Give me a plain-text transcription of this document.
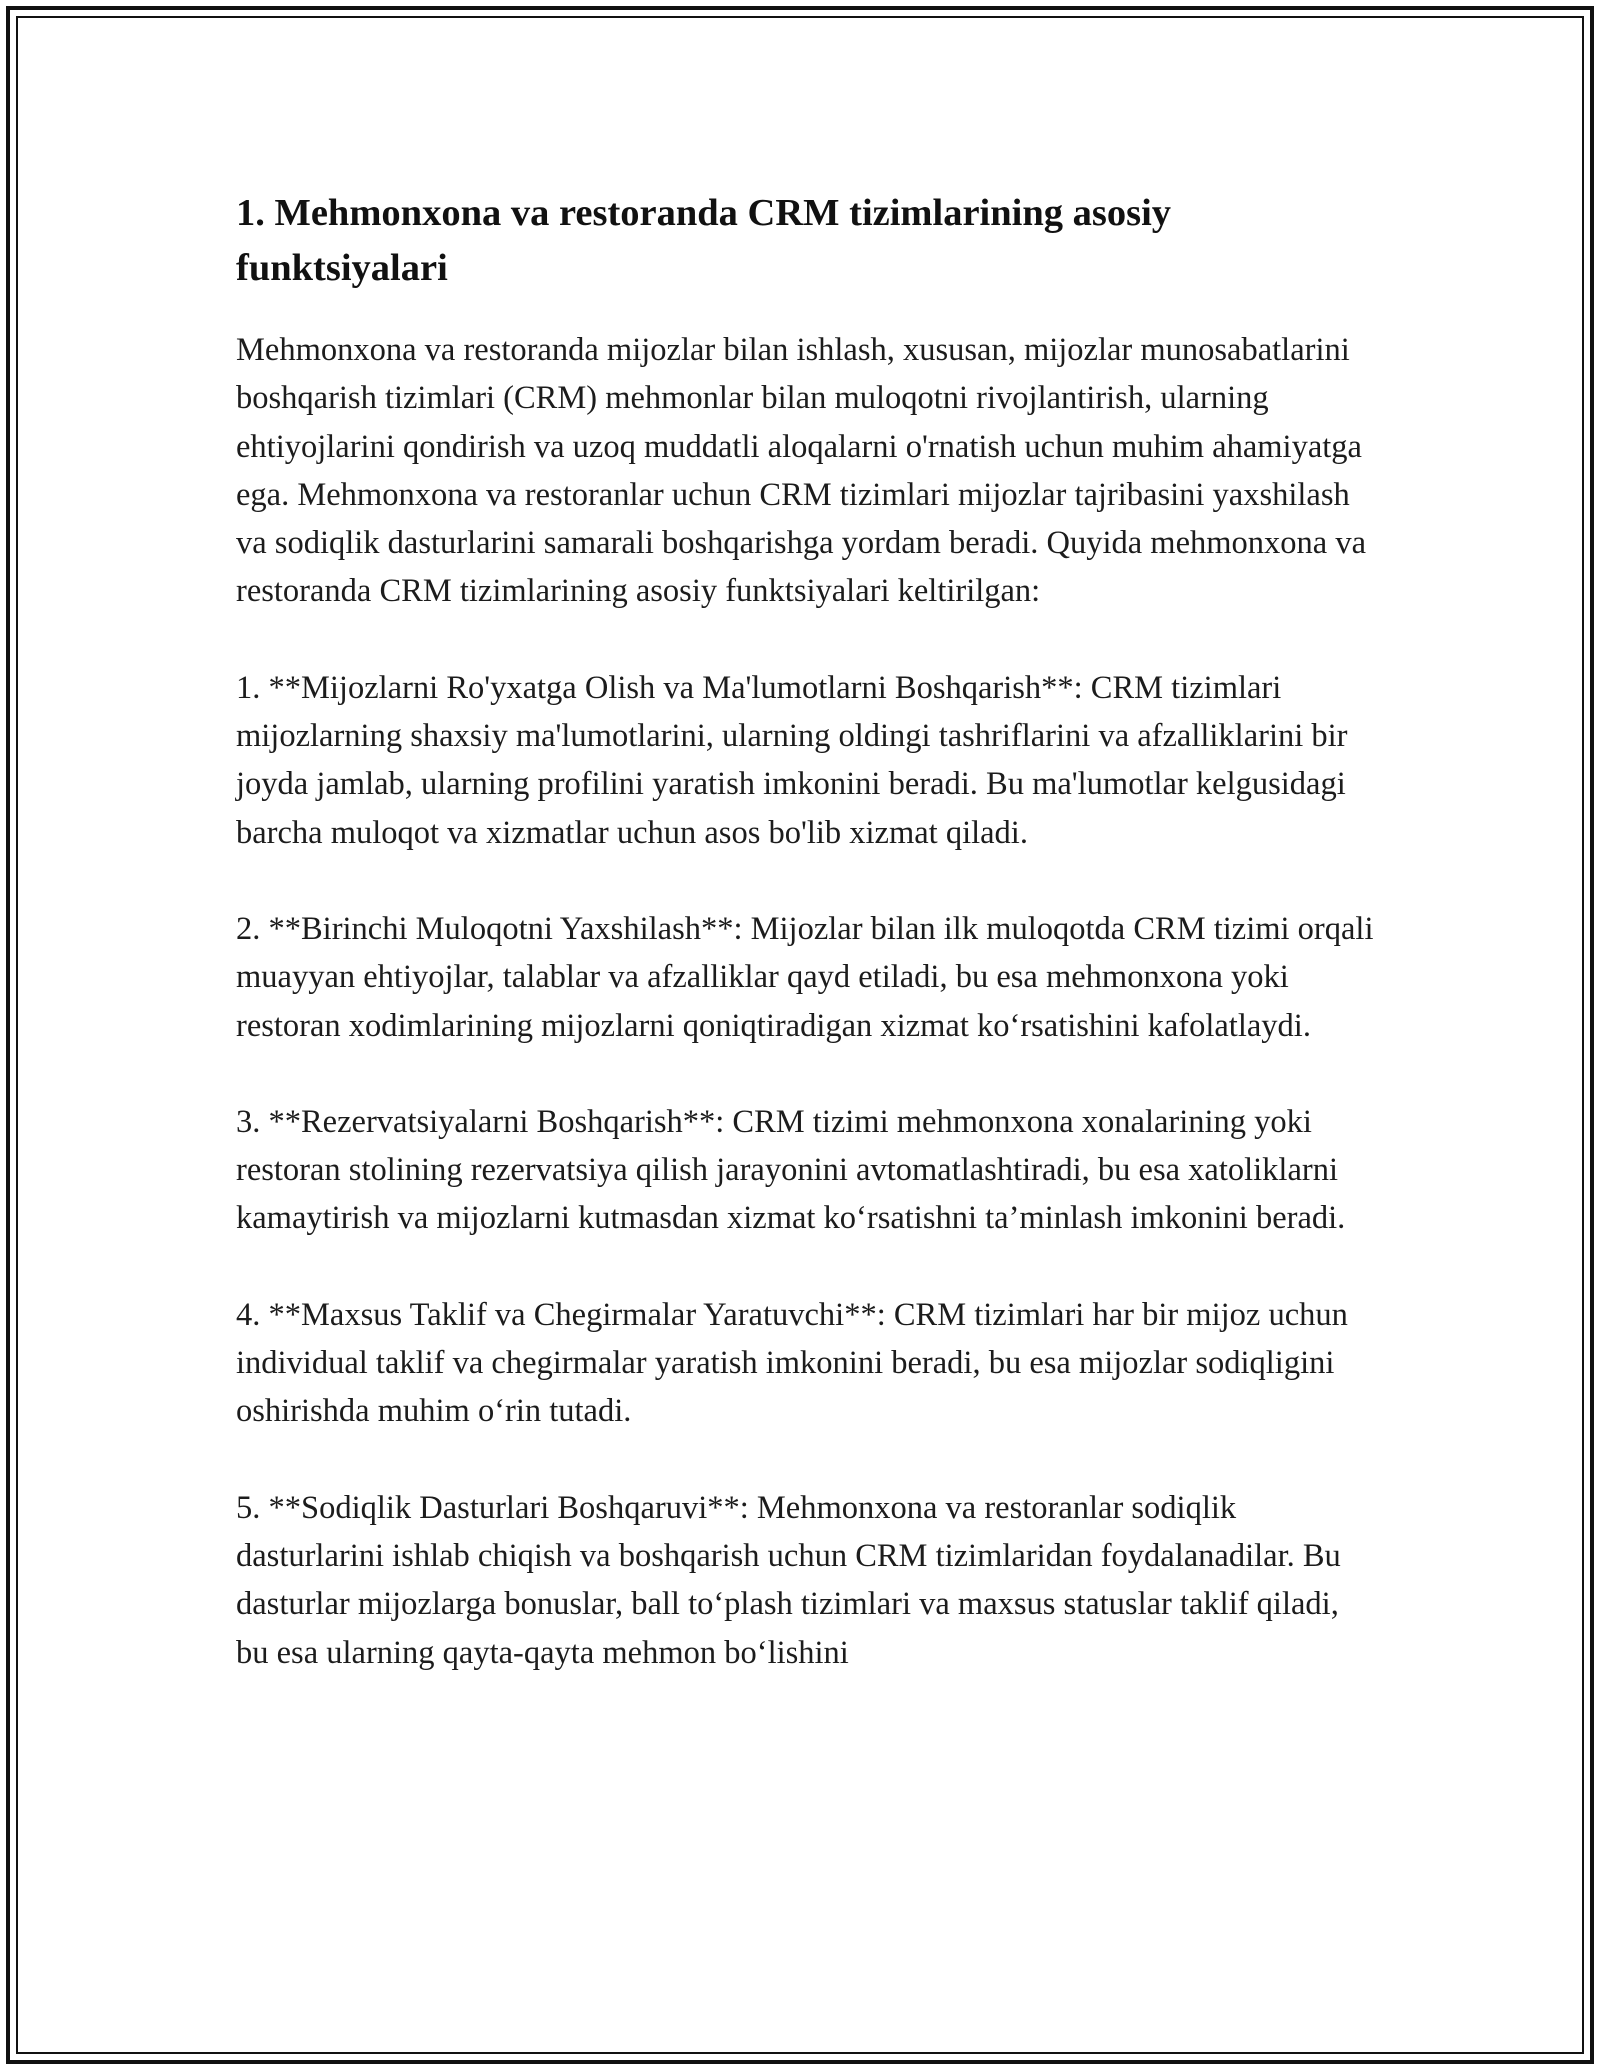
1. Mehmonxona va restoranda CRM tizimlarining asosiy funktsiyalari

Mehmonxona va restoranda mijozlar bilan ishlash, xususan, mijozlar munosabatlarini boshqarish tizimlari (CRM) mehmonlar bilan muloqotni rivojlantirish, ularning ehtiyojlarini qondirish va uzoq muddatli aloqalarni o'rnatish uchun muhim ahamiyatga ega. Mehmonxona va restoranlar uchun CRM tizimlari mijozlar tajribasini yaxshilash va sodiqlik dasturlarini samarali boshqarishga yordam beradi. Quyida mehmonxona va restoranda CRM tizimlarining asosiy funktsiyalari keltirilgan:

1. **Mijozlarni Ro'yxatga Olish va Ma'lumotlarni Boshqarish**: CRM tizimlari mijozlarning shaxsiy ma'lumotlarini, ularning oldingi tashriflarini va afzalliklarini bir joyda jamlab, ularning profilini yaratish imkonini beradi. Bu ma'lumotlar kelgusidagi barcha muloqot va xizmatlar uchun asos bo'lib xizmat qiladi.

2. **Birinchi Muloqotni Yaxshilash**: Mijozlar bilan ilk muloqotda CRM tizimi orqali muayyan ehtiyojlar, talablar va afzalliklar qayd etiladi, bu esa mehmonxona yoki restoran xodimlarining mijozlarni qoniqtiradigan xizmat koʻrsatishini kafolatlaydi.

3. **Rezervatsiyalarni Boshqarish**: CRM tizimi mehmonxona xonalarining yoki restoran stolining rezervatsiya qilish jarayonini avtomatlashtiradi, bu esa xatoliklarni kamaytirish va mijozlarni kutmasdan xizmat koʻrsatishni ta’minlash imkonini beradi.

4. **Maxsus Taklif va Chegirmalar Yaratuvchi**: CRM tizimlari har bir mijoz uchun individual taklif va chegirmalar yaratish imkonini beradi, bu esa mijozlar sodiqligini oshirishda muhim oʻrin tutadi.

5. **Sodiqlik Dasturlari Boshqaruvi**: Mehmonxona va restoranlar sodiqlik dasturlarini ishlab chiqish va boshqarish uchun CRM tizimlaridan foydalanadilar. Bu dasturlar mijozlarga bonuslar, ball toʻplash tizimlari va maxsus statuslar taklif qiladi, bu esa ularning qayta-qayta mehmon boʻlishini
